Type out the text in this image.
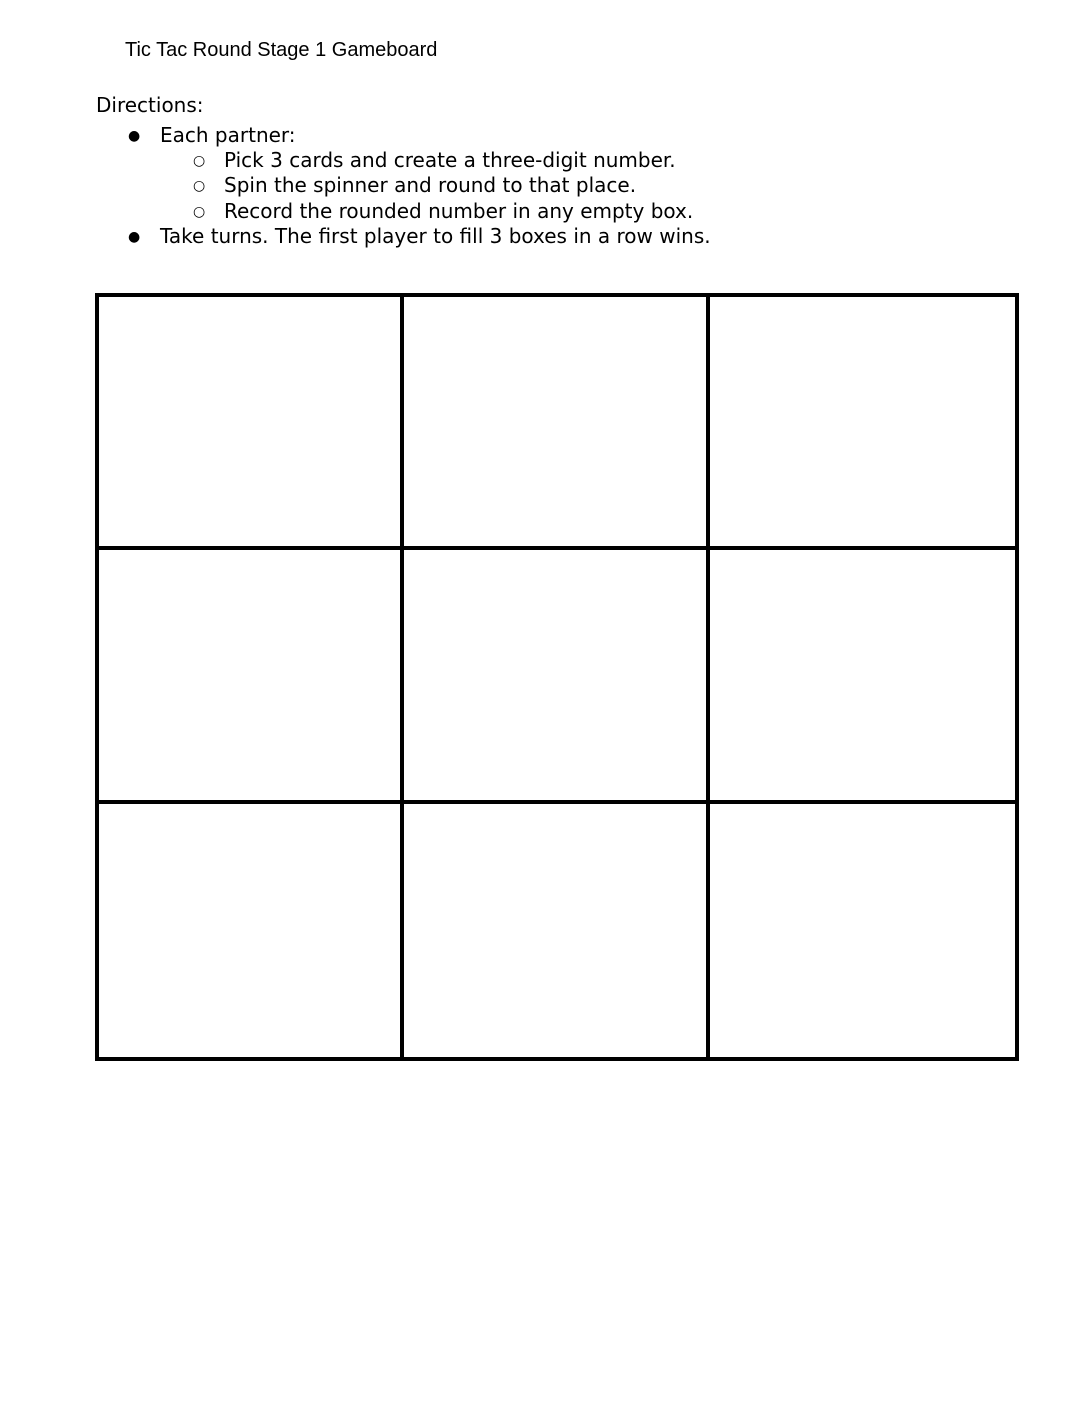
Tic Tac Round Stage 1 Gameboard
Directions:
● Each partner:
○ Pick 3 cards and create a three-digit number.
○ Spin the spinner and round to that place.
○ Record the rounded number in any empty box.
● Take turns. The first player to fill 3 boxes in a row wins.
